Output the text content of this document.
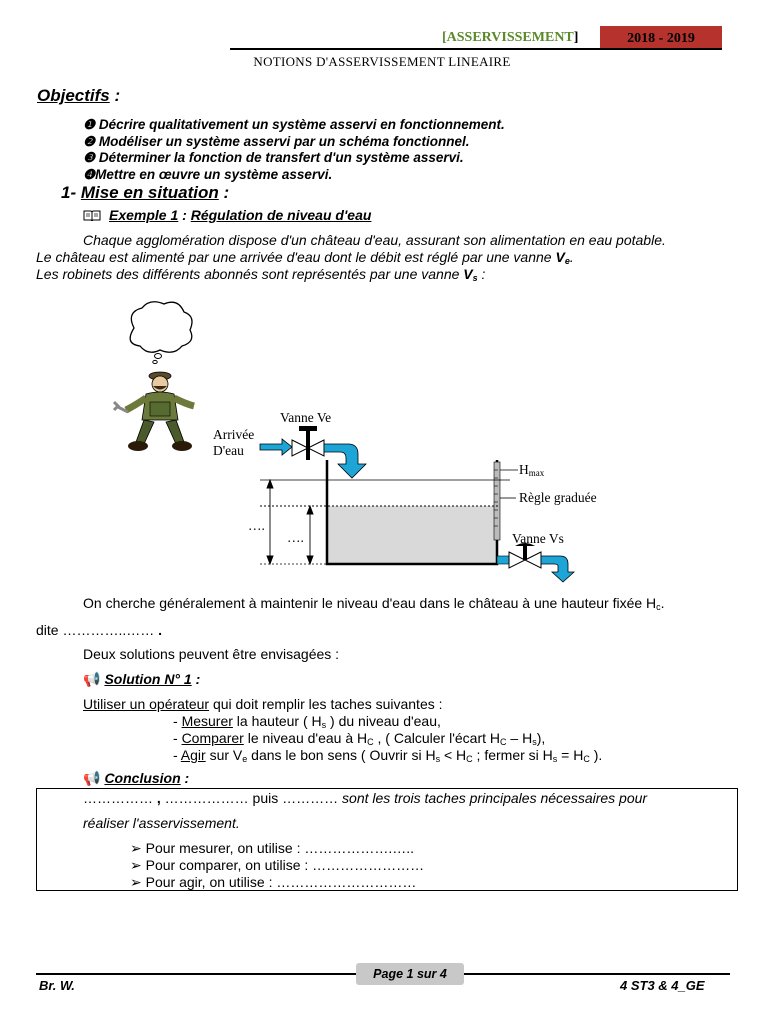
[ASSERVISSEMENT]	2018 - 2019
NOTIONS D'ASSERVISSEMENT LINEAIRE
Objectifs :
❶ Décrire qualitativement un système asservi en fonctionnement.
❷ Modéliser un système asservi par un schéma fonctionnel.
❸ Déterminer la fonction de transfert d'un système asservi.
❹Mettre en œuvre un système asservi.
1- Mise en situation :
Exemple 1 : Régulation de niveau d'eau
Chaque agglomération dispose d'un château d'eau, assurant son alimentation en eau potable.
Le château est alimenté par une arrivée d'eau dont le débit est réglé par une vanne $V_e$.
Les robinets des différents abonnés sont représentés par une vanne $V_s$ :
Vanne Ve
Arrivée
D'eau
$H_{max}$
Règle graduée
Vanne Vs
….
….
On cherche généralement à maintenir le niveau d'eau dans le château à une hauteur fixée $H_c$.
dite …………..…… .
Deux solutions peuvent être envisagées :
📢 Solution N° 1 :
Utiliser un opérateur qui doit remplir les taches suivantes :
- Mesurer la hauteur ( $H_s$ ) du niveau d'eau,
- Comparer le niveau d'eau à $H_C$ , ( Calculer l'écart $H_C - H_s$),
- Agir sur $V_e$ dans le bon sens ( Ouvrir si $H_s < H_C$ ; fermer si $H_s = H_C$ ).
📢 Conclusion :
…………… , ……………… puis ………… sont les trois taches principales nécessaires pour
réaliser l'asservissement.
➢ Pour mesurer, on utilise : ……………….…..
➢ Pour comparer, on utilise : ……………………
➢ Pour agir, on utilise : …………………………
Br. W.
Page 1 sur 4
4 ST3 & 4_GE
